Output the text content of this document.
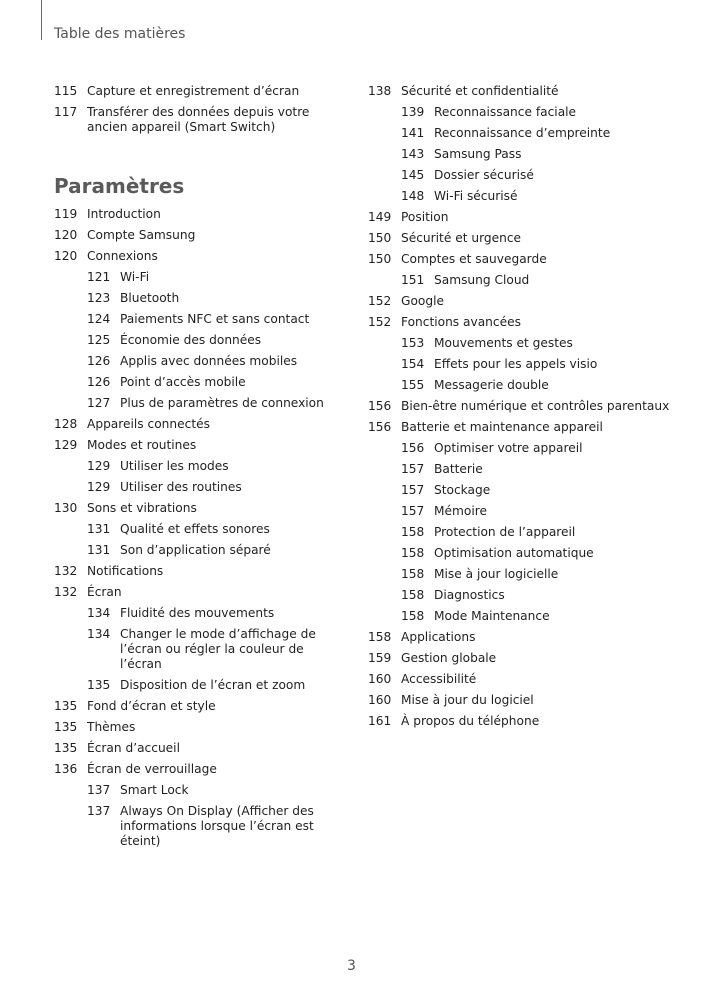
Table des matières
115 Capture et enregistrement d’écran
117 Transférer des données depuis votre ancien appareil (Smart Switch)
Paramètres
119 Introduction
120 Compte Samsung
120 Connexions
121 Wi-Fi
123 Bluetooth
124 Paiements NFC et sans contact
125 Économie des données
126 Applis avec données mobiles
126 Point d’accès mobile
127 Plus de paramètres de connexion
128 Appareils connectés
129 Modes et routines
129 Utiliser les modes
129 Utiliser des routines
130 Sons et vibrations
131 Qualité et effets sonores
131 Son d’application séparé
132 Notifications
132 Écran
134 Fluidité des mouvements
134 Changer le mode d’affichage de l’écran ou régler la couleur de l’écran
135 Disposition de l’écran et zoom
135 Fond d’écran et style
135 Thèmes
135 Écran d’accueil
136 Écran de verrouillage
137 Smart Lock
137 Always On Display (Afficher des informations lorsque l’écran est éteint)
138 Sécurité et confidentialité
139 Reconnaissance faciale
141 Reconnaissance d’empreinte
143 Samsung Pass
145 Dossier sécurisé
148 Wi-Fi sécurisé
149 Position
150 Sécurité et urgence
150 Comptes et sauvegarde
151 Samsung Cloud
152 Google
152 Fonctions avancées
153 Mouvements et gestes
154 Effets pour les appels visio
155 Messagerie double
156 Bien-être numérique et contrôles parentaux
156 Batterie et maintenance appareil
156 Optimiser votre appareil
157 Batterie
157 Stockage
157 Mémoire
158 Protection de l’appareil
158 Optimisation automatique
158 Mise à jour logicielle
158 Diagnostics
158 Mode Maintenance
158 Applications
159 Gestion globale
160 Accessibilité
160 Mise à jour du logiciel
161 À propos du téléphone
3
